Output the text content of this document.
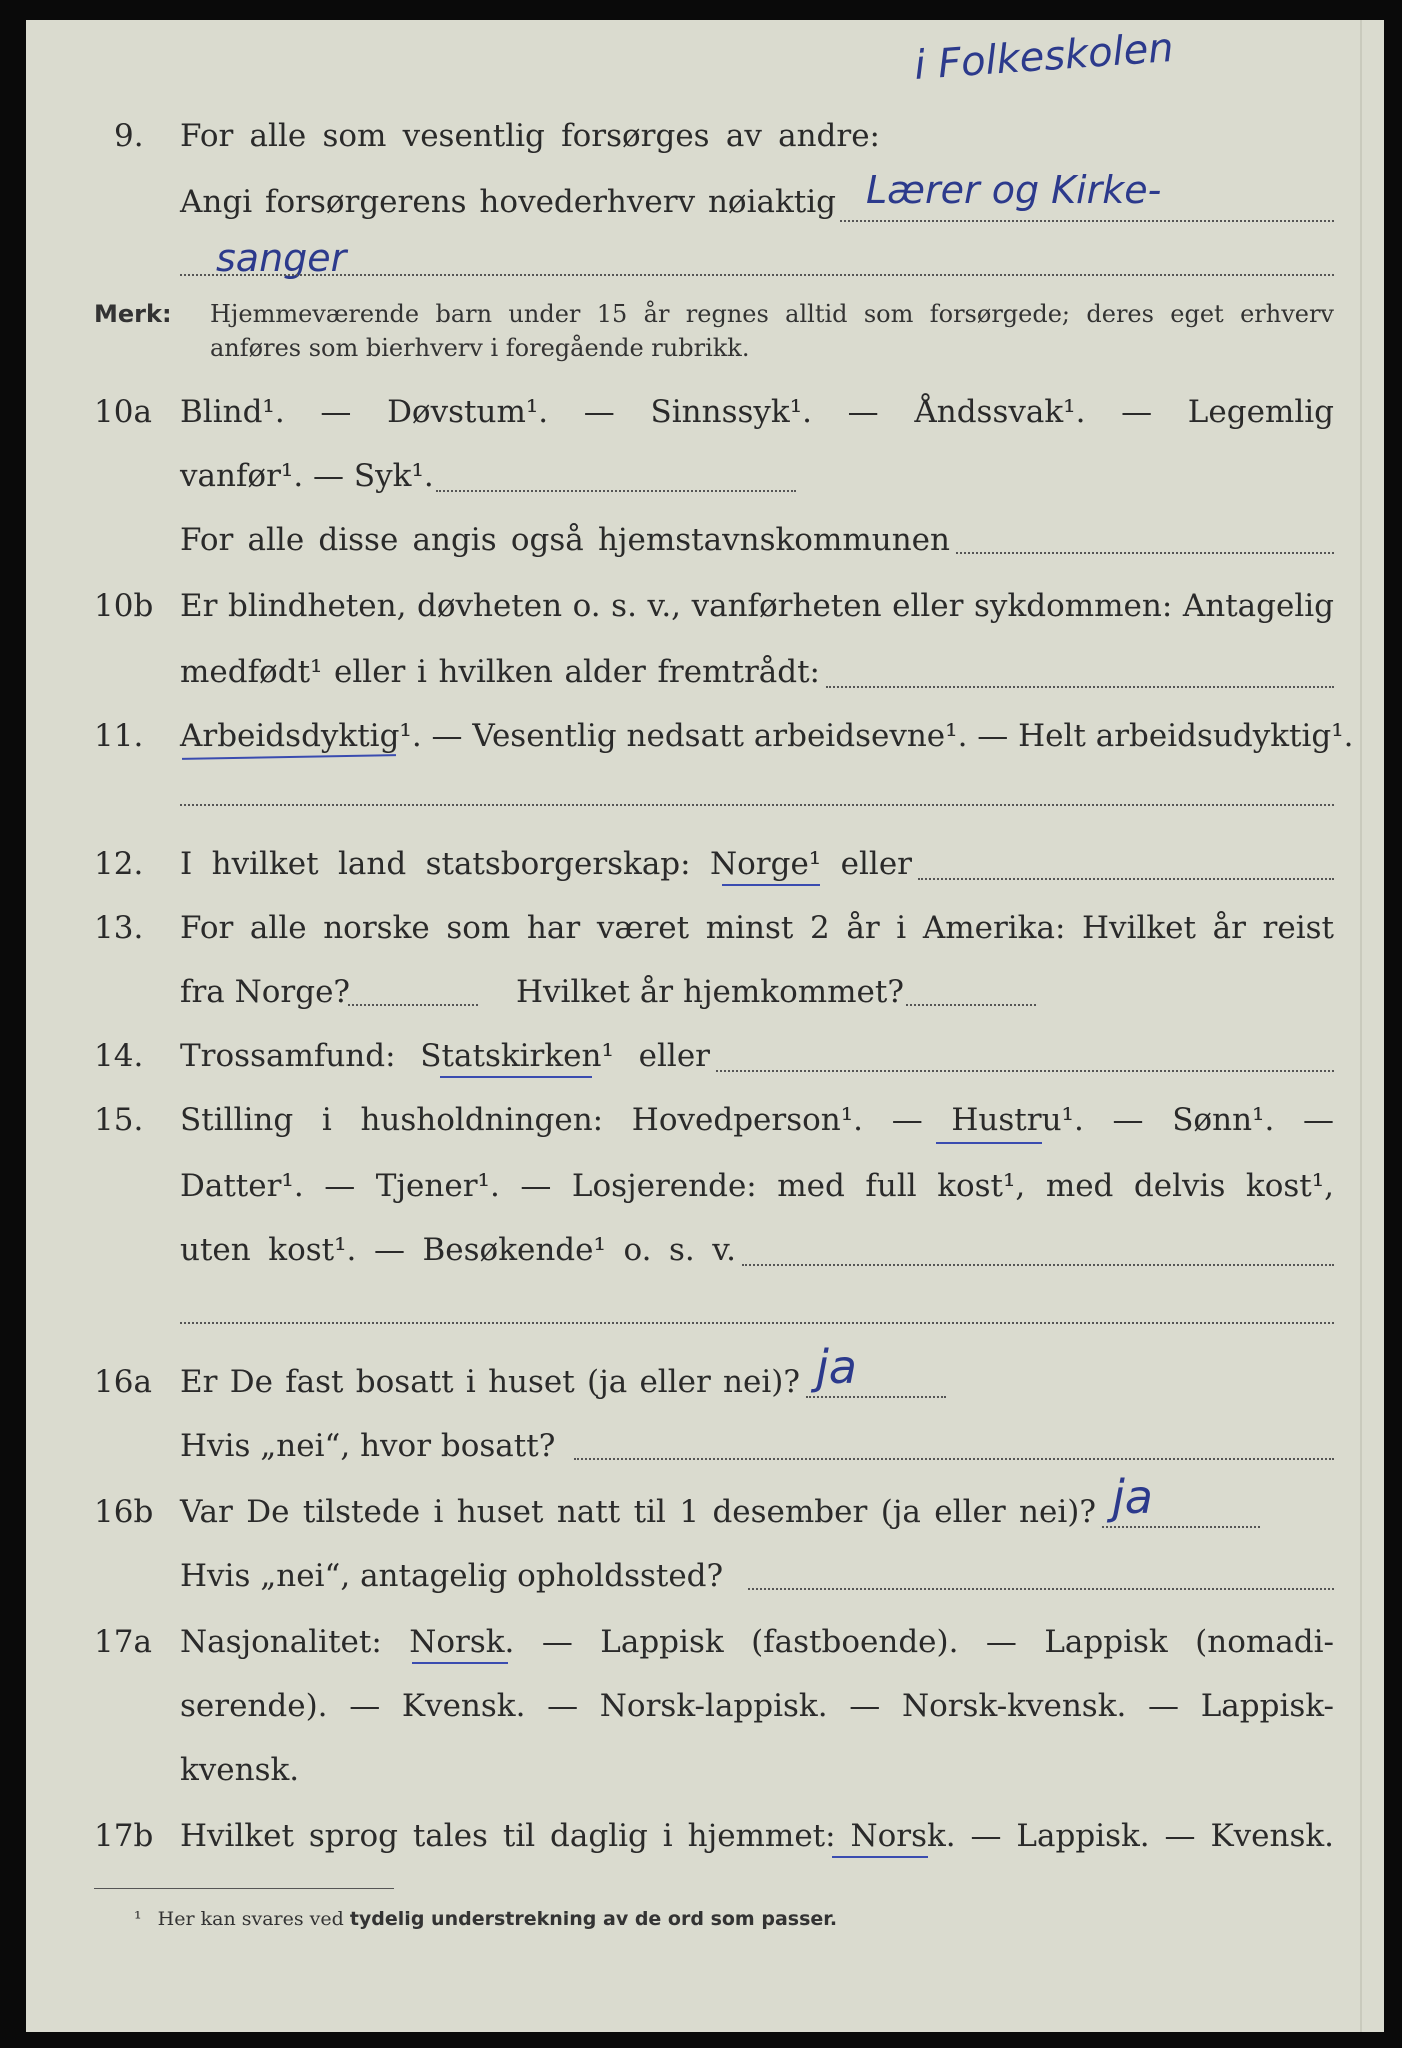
i Folkeskolen
9. For alle som vesentlig forsørges av andre:
Angi forsørgerens hovederhverv nøiaktig Lærer og Kirke-
sanger
Merk: Hjemmeværende barn under 15 år regnes alltid som forsørgede; deres eget erhverv
anføres som bierhverv i foregående rubrikk.
10a Blind¹. — Døvstum¹. — Sinnssyk¹. — Åndssvak¹. — Legemlig
vanfør¹. — Syk¹.
For alle disse angis også hjemstavnskommunen
10b Er blindheten, døvheten o. s. v., vanførheten eller sykdommen: Antagelig
medfødt¹ eller i hvilken alder fremtrådt:
11. Arbeidsdyktig¹. — Vesentlig nedsatt arbeidsevne¹. — Helt arbeidsudyktig¹.
12. I hvilket land statsborgerskap: Norge¹ eller
13. For alle norske som har været minst 2 år i Amerika: Hvilket år reist
fra Norge?	Hvilket år hjemkommet?
14. Trossamfund: Statskirken¹ eller
15. Stilling i husholdningen: Hovedperson¹. — Hustru¹. — Sønn¹. —
Datter¹. — Tjener¹. — Losjerende: med full kost¹, med delvis kost¹,
uten kost¹. — Besøkende¹ o. s. v.
16a Er De fast bosatt i huset (ja eller nei)? ja
Hvis „nei“, hvor bosatt?
16b Var De tilstede i huset natt til 1 desember (ja eller nei)? ja
Hvis „nei“, antagelig opholdssted?
17a Nasjonalitet: Norsk. — Lappisk (fastboende). — Lappisk (nomadi-
serende). — Kvensk. — Norsk-lappisk. — Norsk-kvensk. — Lappisk-
kvensk.
17b Hvilket sprog tales til daglig i hjemmet: Norsk. — Lappisk. — Kvensk.
¹ Her kan svares ved tydelig understrekning av de ord som passer.
